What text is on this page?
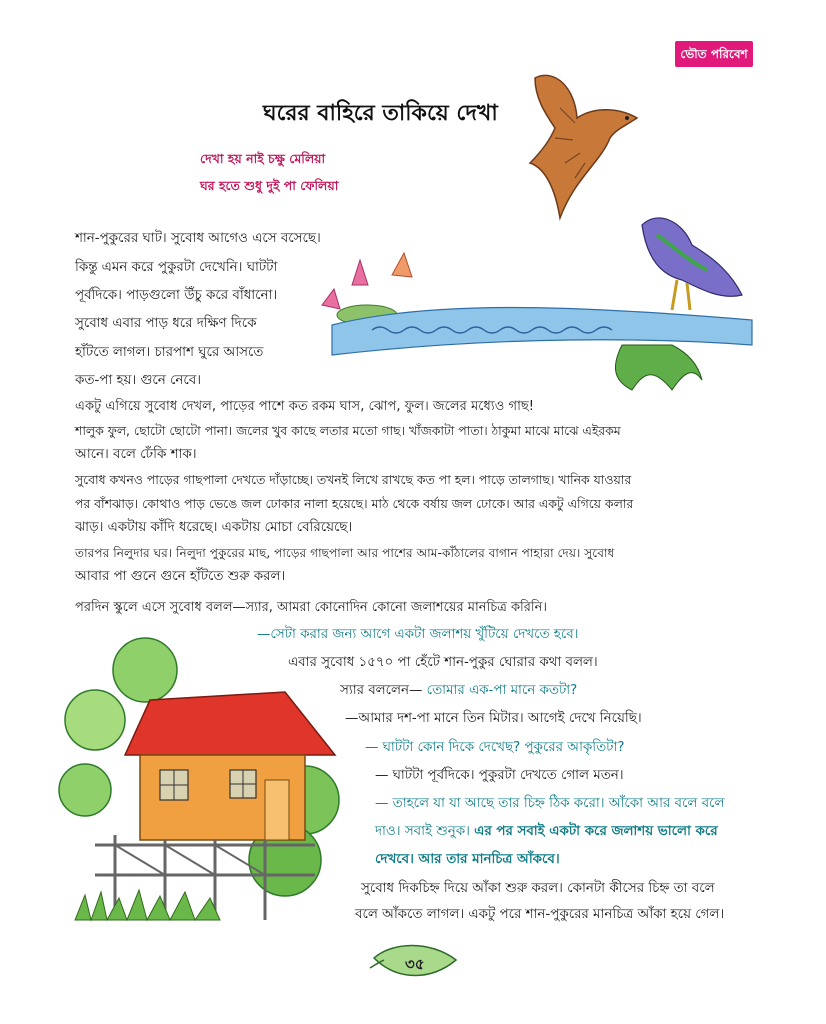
ভৌত পরিবেশ
ঘরের বাহিরে তাকিয়ে দেখা
দেখা হয় নাই চক্ষু মেলিয়া
ঘর হতে শুধু দুই পা ফেলিয়া
শান-পুকুরের ঘাট। সুবোধ আগেও এসে বসেছে।
কিন্তু এমন করে পুকুরটা দেখেনি। ঘাটটা
পূর্বদিকে। পাড়গুলো উঁচু করে বাঁধানো।
সুবোধ এবার পাড় ধরে দক্ষিণ দিকে
হাঁটতে লাগল। চারপাশ ঘুরে আসতে
কত-পা হয়। গুনে নেবে।
একটু এগিয়ে সুবোধ দেখল, পাড়ের পাশে কত রকম ঘাস, ঝোপ, ফুল। জলের মধ্যেও গাছ!
শালুক ফুল, ছোটো ছোটো পানা। জলের খুব কাছে লতার মতো গাছ। খাঁজকাটা পাতা। ঠাকুমা মাঝে মাঝে এইরকম
আনে। বলে ঢেঁকি শাক।
সুবোধ কখনও পাড়ের গাছপালা দেখতে দাঁড়াচ্ছে। তখনই লিখে রাখছে কত পা হল। পাড়ে তালগাছ। খানিক যাওয়ার
পর বাঁশঝাড়। কোথাও পাড় ভেঙে জল ঢোকার নালা হয়েছে। মাঠ থেকে বর্ষায় জল ঢোকে। আর একটু এগিয়ে কলার
ঝাড়। একটায় কাঁদি ধরেছে। একটায় মোচা বেরিয়েছে।
তারপর নিলুদার ঘর। নিলুদা পুকুরের মাছ, পাড়ের গাছপালা আর পাশের আম-কাঁঠালের বাগান পাহারা দেয়। সুবোধ
আবার পা গুনে গুনে হাঁটতে শুরু করল।
পরদিন স্কুলে এসে সুবোধ বলল—স্যার, আমরা কোনোদিন কোনো জলাশয়ের মানচিত্র করিনি।
—সেটা করার জন্য আগে একটা জলাশয় খুঁটিয়ে দেখতে হবে।
এবার সুবোধ ১৫৭০ পা হেঁটে শান-পুকুর ঘোরার কথা বলল।
স্যার বললেন— তোমার এক-পা মানে কতটা?
—আমার দশ-পা মানে তিন মিটার। আগেই দেখে নিয়েছি।
— ঘাটটা কোন দিকে দেখেছ? পুকুরের আকৃতিটা?
— ঘাটটা পূর্বদিকে। পুকুরটা দেখতে গোল মতন।
— তাহলে যা যা আছে তার চিহ্ন ঠিক করো। আঁকো আর বলে বলে
দাও। সবাই শুনুক। এর পর সবাই একটা করে জলাশয় ভালো করে
দেখবে। আর তার মানচিত্র আঁকবে।
সুবোধ দিকচিহ্ন দিয়ে আঁকা শুরু করল। কোনটা কীসের চিহ্ন তা বলে
বলে আঁকতে লাগল। একটু পরে শান-পুকুরের মানচিত্র আঁকা হয়ে গেল।
৩৫
